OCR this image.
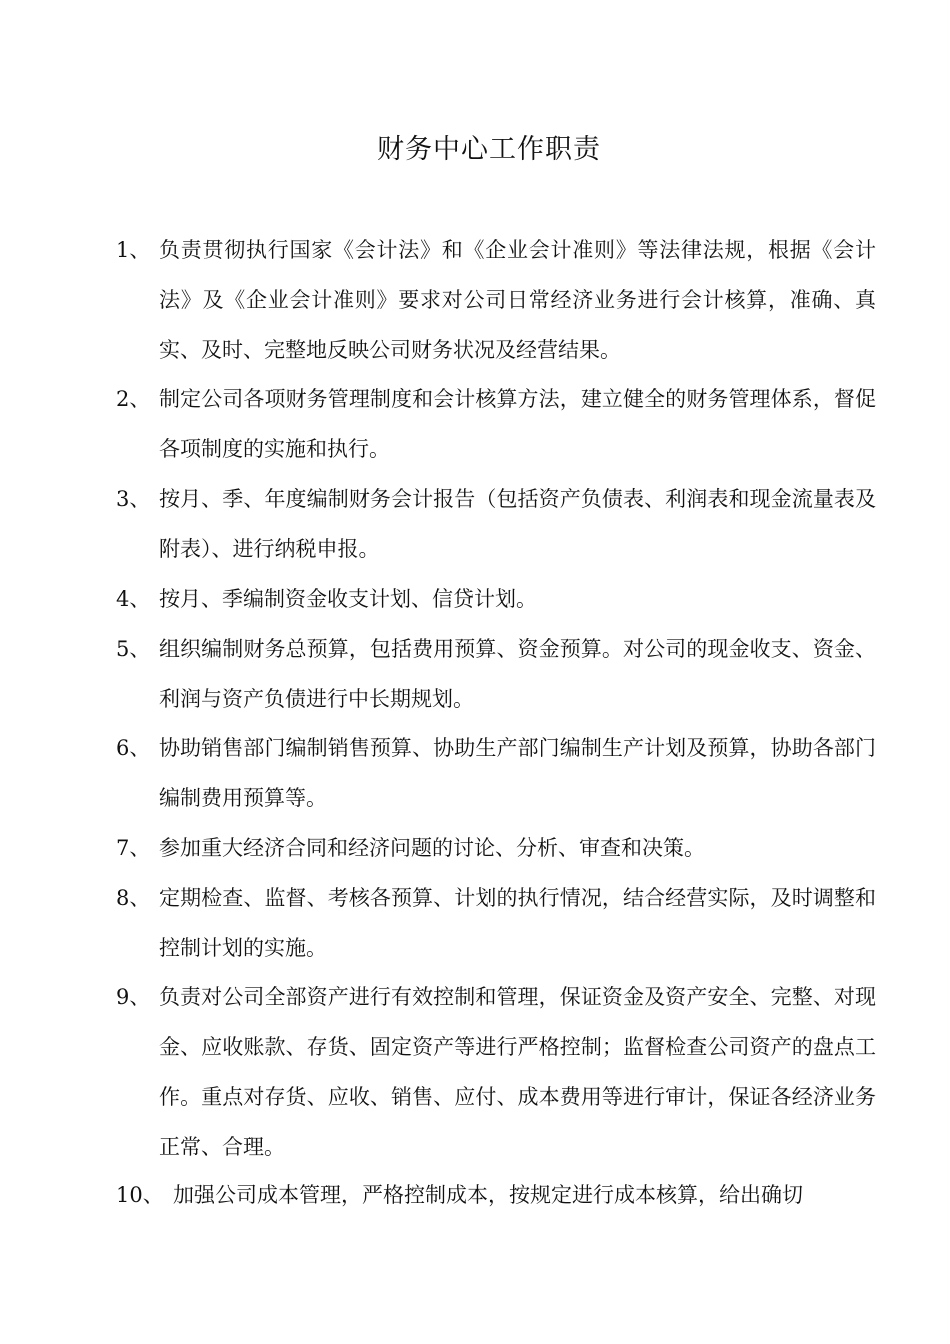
财务中心工作职责
1、 负责贯彻执行国家《会计法》和《企业会计准则》等法律法规，根据《会计法》及《企业会计准则》要求对公司日常经济业务进行会计核算，准确、真实、及时、完整地反映公司财务状况及经营结果。
2、 制定公司各项财务管理制度和会计核算方法，建立健全的财务管理体系，督促各项制度的实施和执行。
3、 按月、季、年度编制财务会计报告（包括资产负债表、利润表和现金流量表及附表）、进行纳税申报。
4、 按月、季编制资金收支计划、信贷计划。
5、 组织编制财务总预算，包括费用预算、资金预算。对公司的现金收支、资金、利润与资产负债进行中长期规划。
6、 协助销售部门编制销售预算、协助生产部门编制生产计划及预算，协助各部门编制费用预算等。
7、 参加重大经济合同和经济问题的讨论、分析、审查和决策。
8、 定期检查、监督、考核各预算、计划的执行情况，结合经营实际，及时调整和控制计划的实施。
9、 负责对公司全部资产进行有效控制和管理，保证资金及资产安全、完整、对现金、应收账款、存货、固定资产等进行严格控制；监督检查公司资产的盘点工作。重点对存货、应收、销售、应付、成本费用等进行审计，保证各经济业务正常、合理。
10、 加强公司成本管理，严格控制成本，按规定进行成本核算，给出确切
